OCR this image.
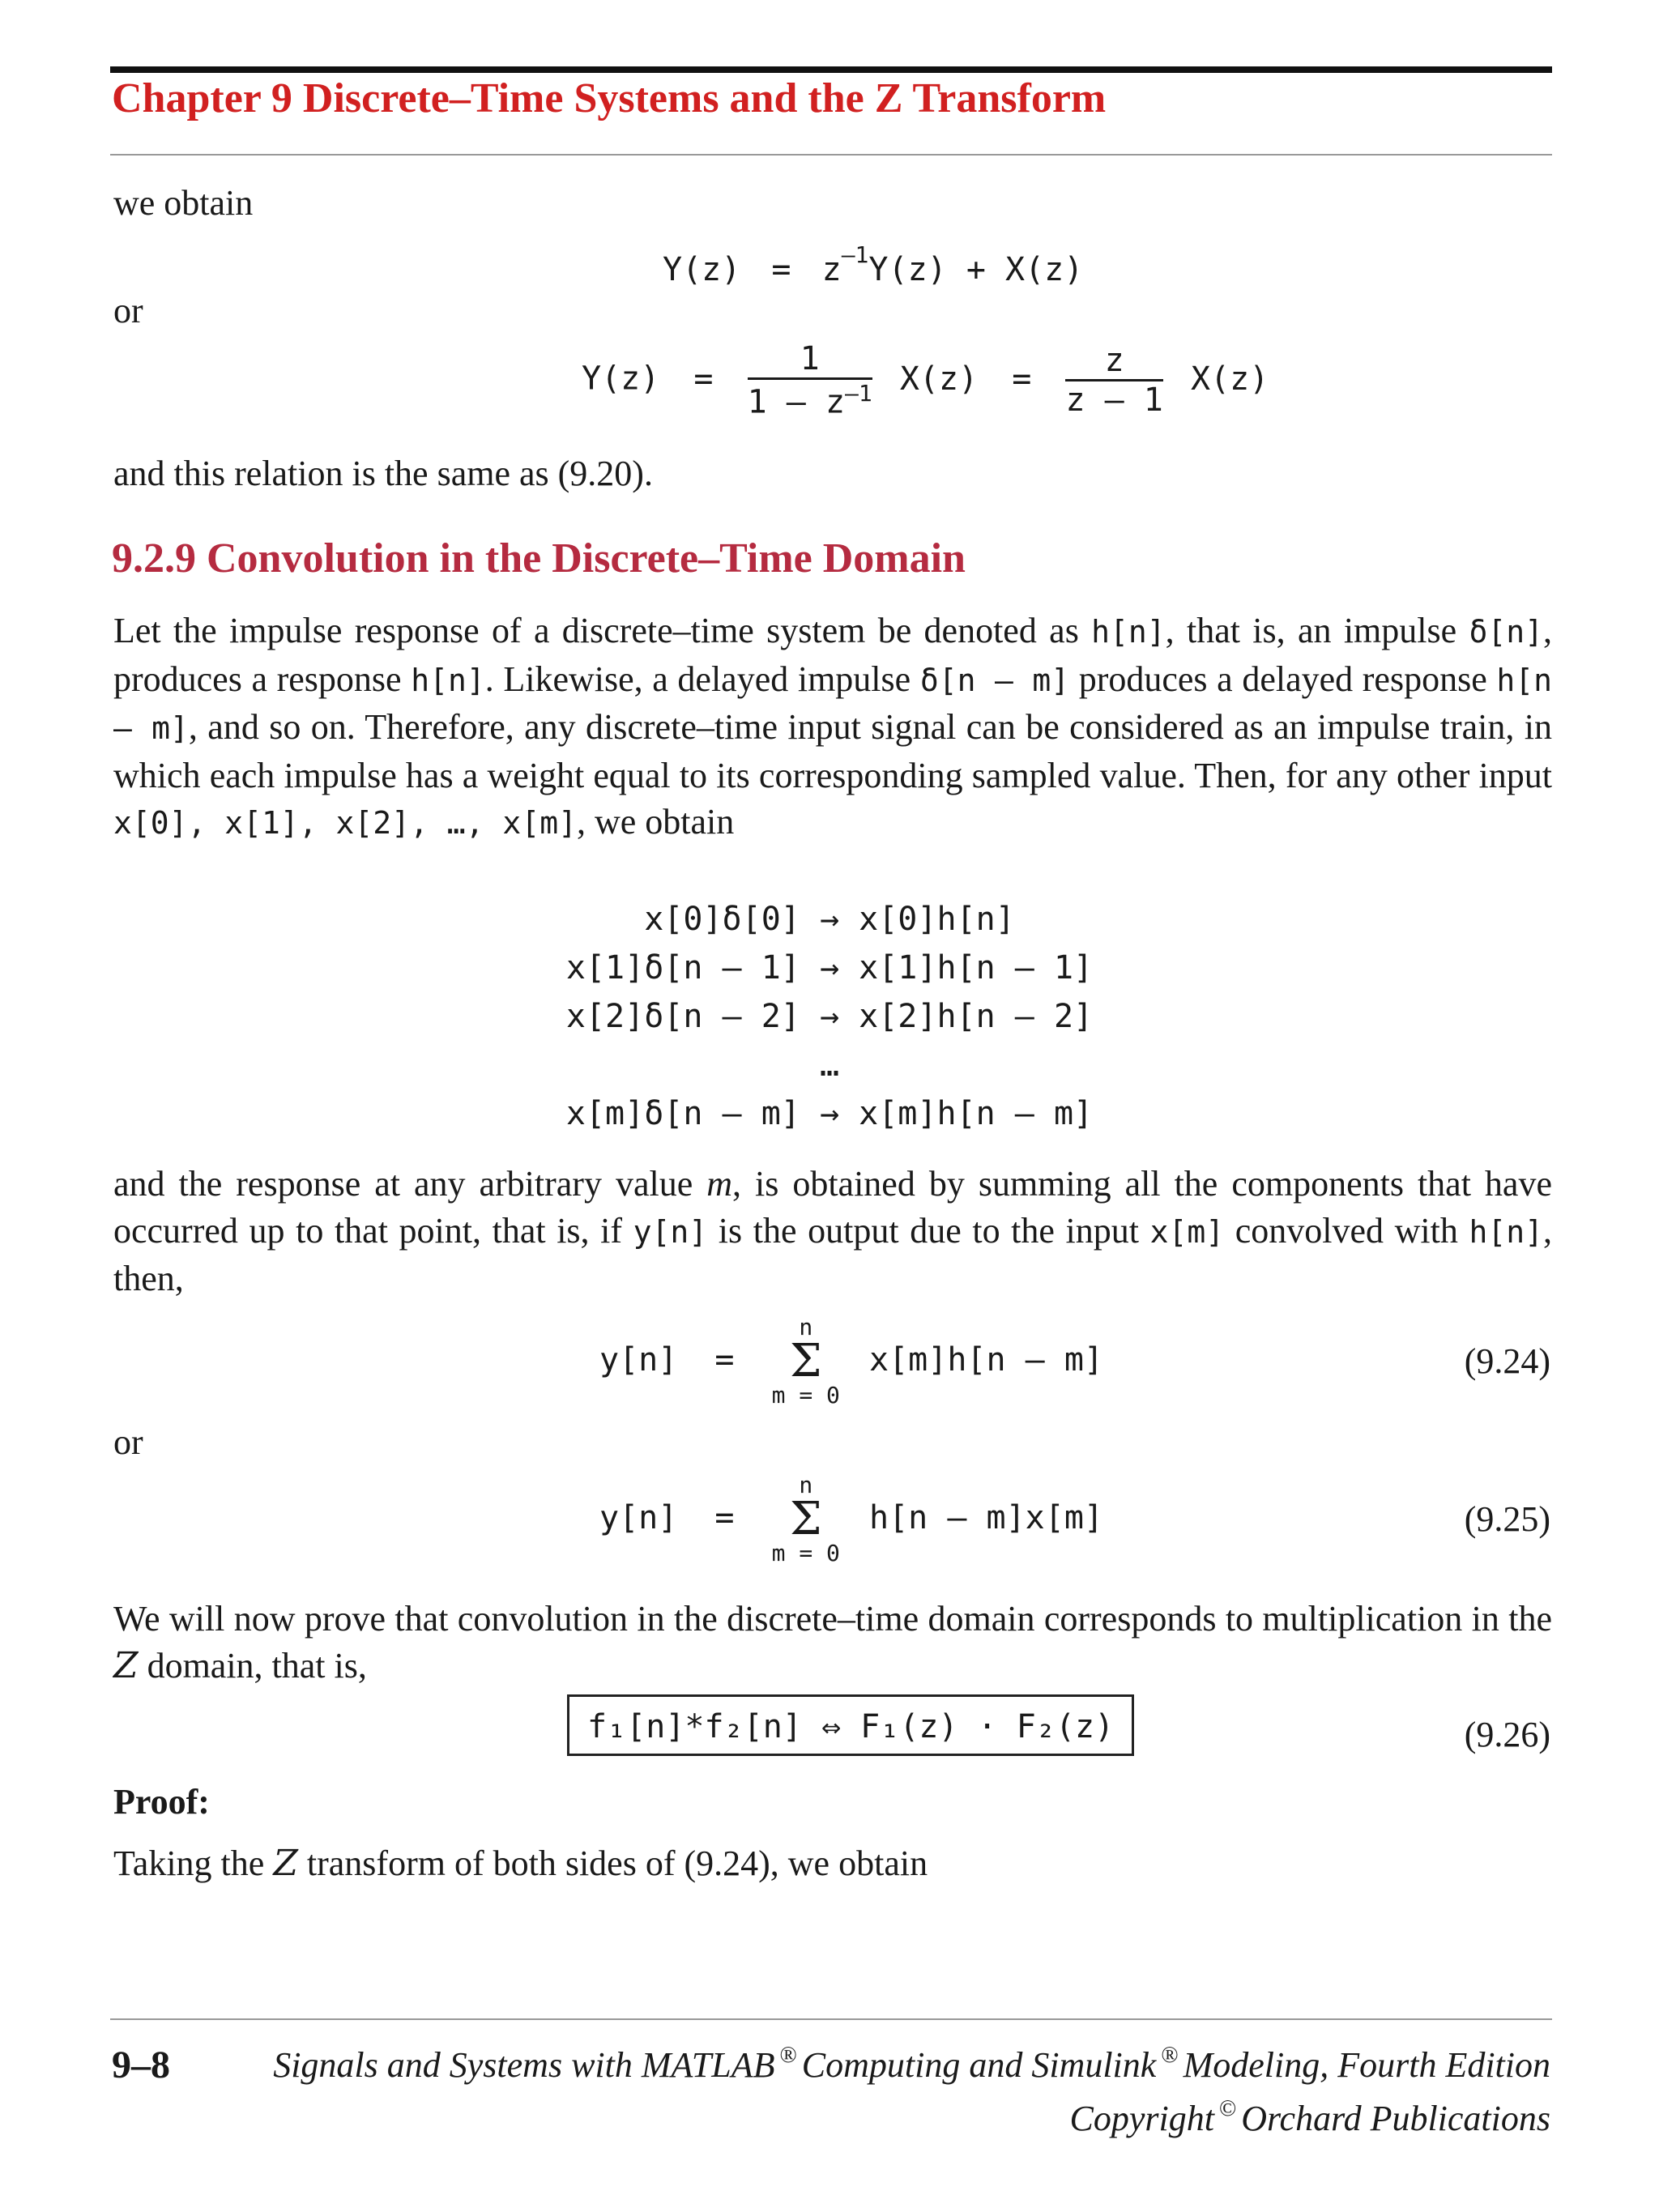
Chapter 9 Discrete–Time Systems and the Z Transform
we obtain
$Y(z) = z^{-1}Y(z) + X(z)$
or
$Y(z) = \frac{1}{1 - z^{-1}} X(z) = \frac{z}{z - 1} X(z)$
and this relation is the same as (9.20).
9.2.9 Convolution in the Discrete–Time Domain
Let the impulse response of a discrete–time system be denoted as h[n], that is, an impulse δ[n], produces a response h[n]. Likewise, a delayed impulse δ[n – m] produces a delayed response h[n – m], and so on. Therefore, any discrete–time input signal can be considered as an impulse train, in which each impulse has a weight equal to its corresponding sampled value. Then, for any other input x[0], x[1], x[2], …, x[m], we obtain
x[0]δ[0] → x[0]h[n]
x[1]δ[n – 1] → x[1]h[n – 1]
x[2]δ[n – 2] → x[2]h[n – 2]
…
x[m]δ[n – m] → x[m]h[n – m]
and the response at any arbitrary value m, is obtained by summing all the components that have occurred up to that point, that is, if y[n] is the output due to the input x[m] convolved with h[n], then,
y[n] =
n
Σ
m = 0
x[m]h[n – m]	(9.24)
or
y[n] =
n
Σ
m = 0
h[n – m]x[m]	(9.25)
We will now prove that convolution in the discrete–time domain corresponds to multiplication in the Z domain, that is,
f₁[n]*f₂[n] ⇔ F₁(z) · F₂(z)	(9.26)
Proof:
Taking the Z transform of both sides of (9.24), we obtain
9–8	Signals and Systems with MATLAB ® Computing and Simulink ® Modeling, Fourth Edition
Copyright © Orchard Publications
